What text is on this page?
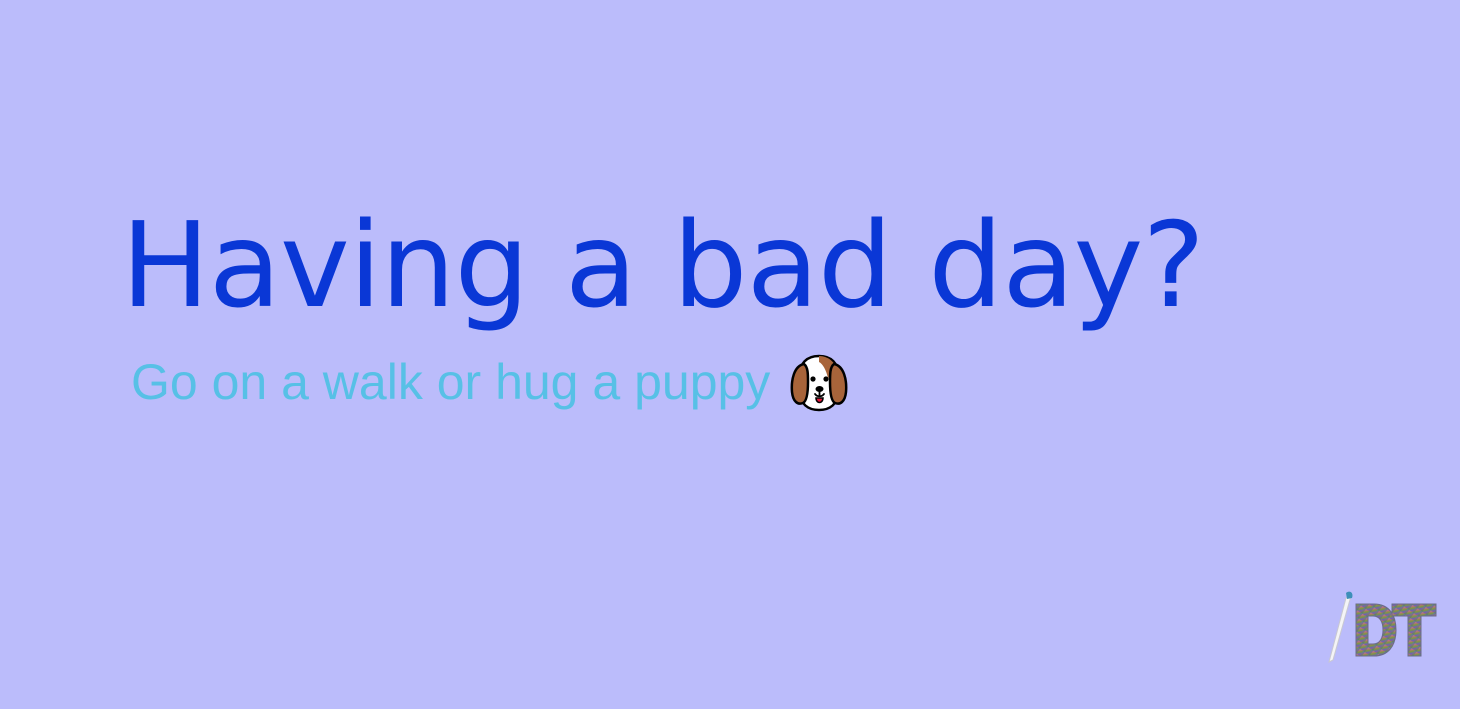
Having a bad day?
Go on a walk or hug a puppy
